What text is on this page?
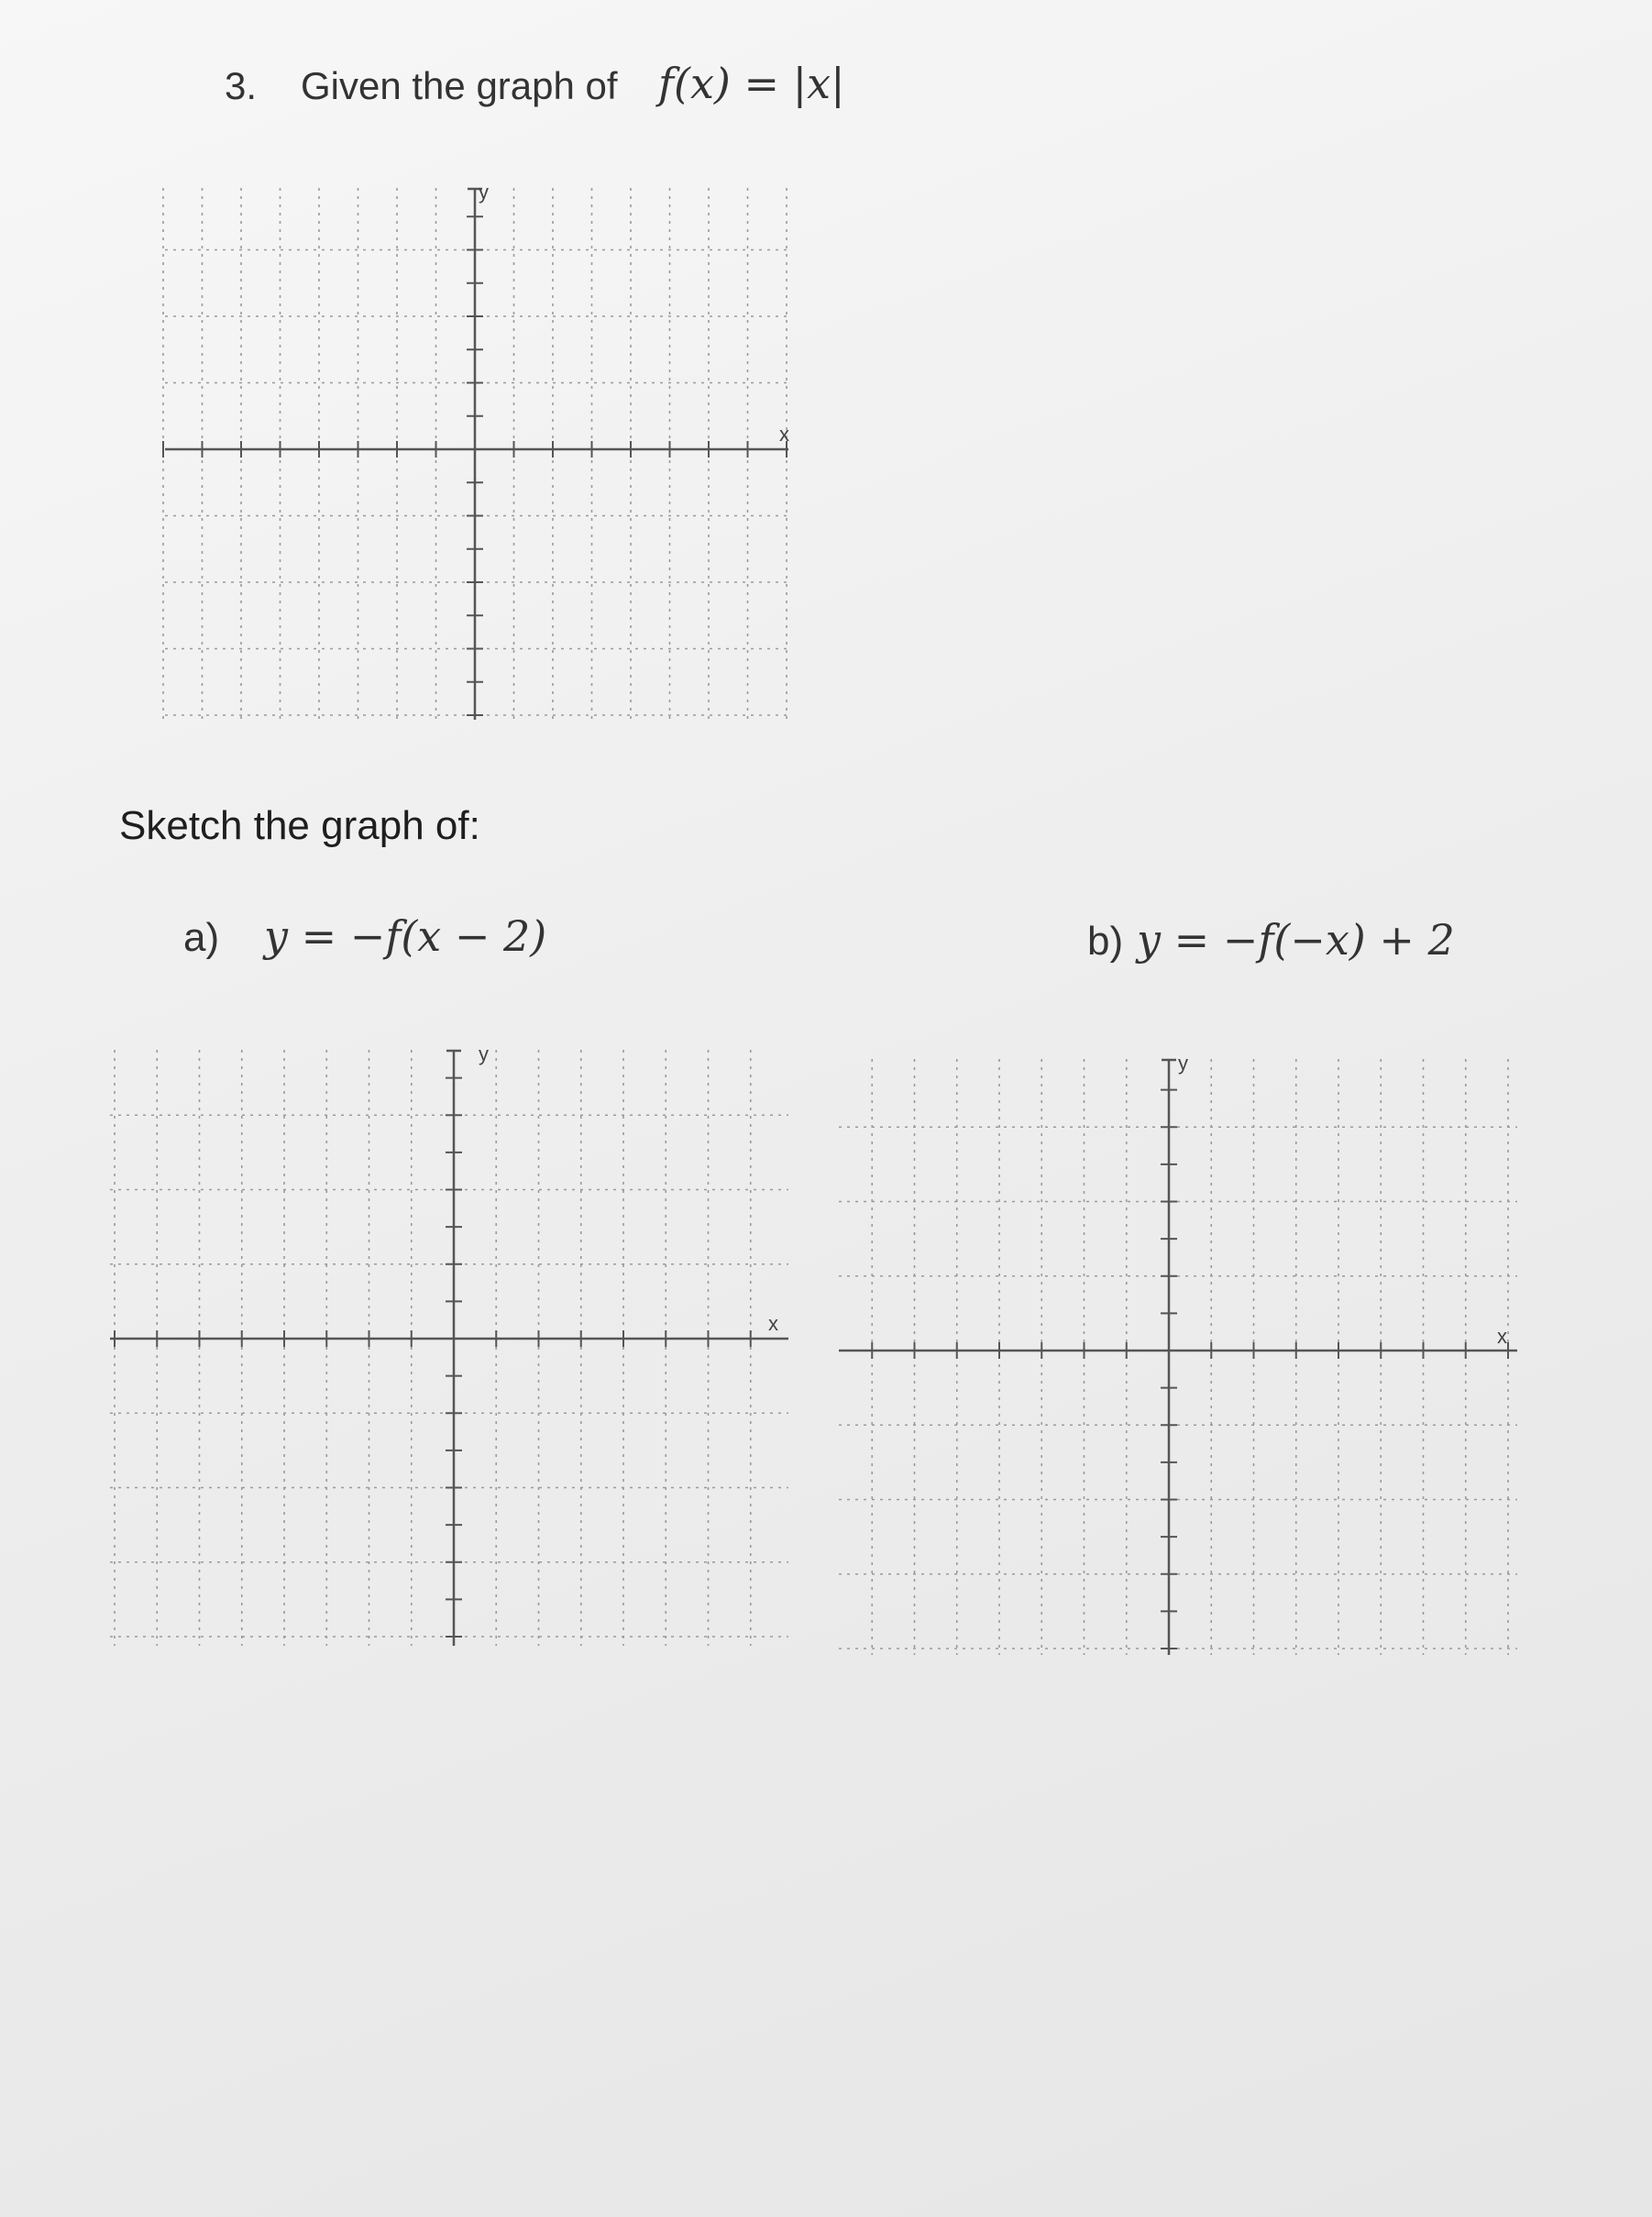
3. Given the graph of f(x) = |x|
y
x
Sketch the graph of:
a) y = −f(x − 2)	b) y = −f(−x) + 2
y
x
y
x
